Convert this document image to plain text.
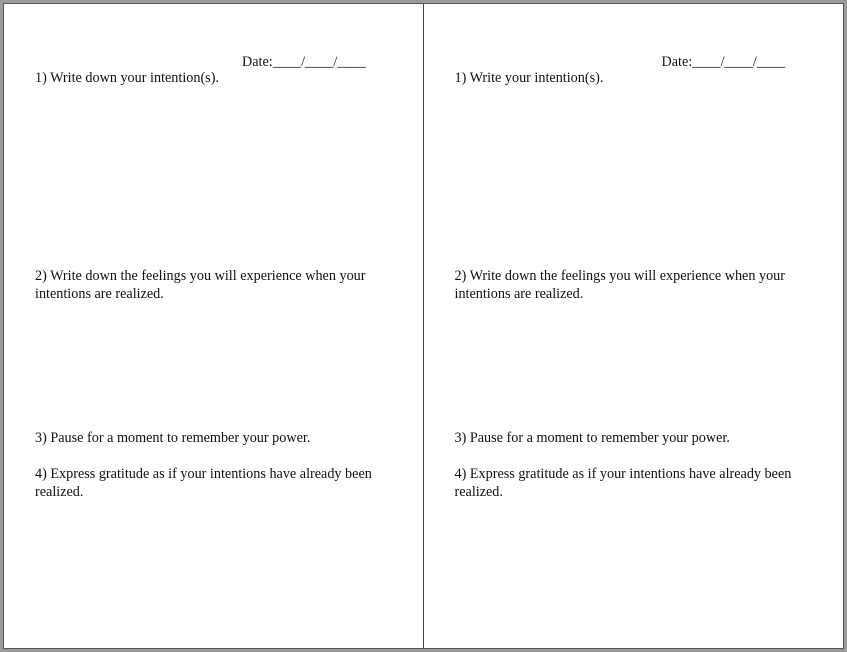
Date:____/____/____

1) Write down your intention(s).

2) Write down the feelings you will experience when your intentions are realized.

3) Pause for a moment to remember your power.

4) Express gratitude as if your intentions have already been realized.

Date:____/____/____

1) Write your intention(s).

2) Write down the feelings you will experience when your intentions are realized.

3) Pause for a moment to remember your power.

4) Express gratitude as if your intentions have already been realized.
